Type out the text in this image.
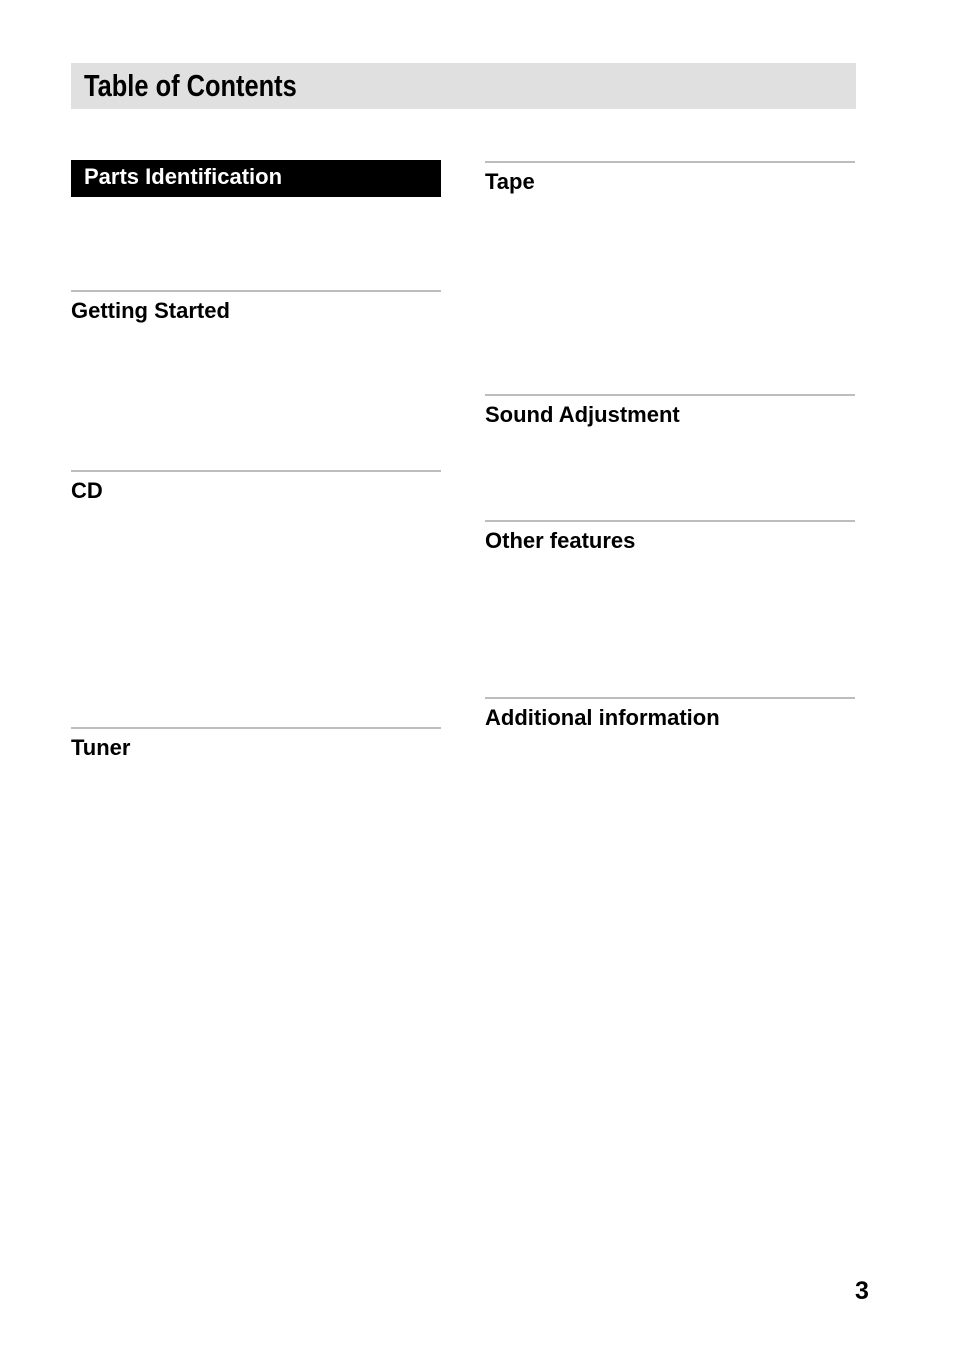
Table of Contents
Parts Identification
Getting Started
CD
Tuner
Tape
Sound Adjustment
Other features
Additional information
3
